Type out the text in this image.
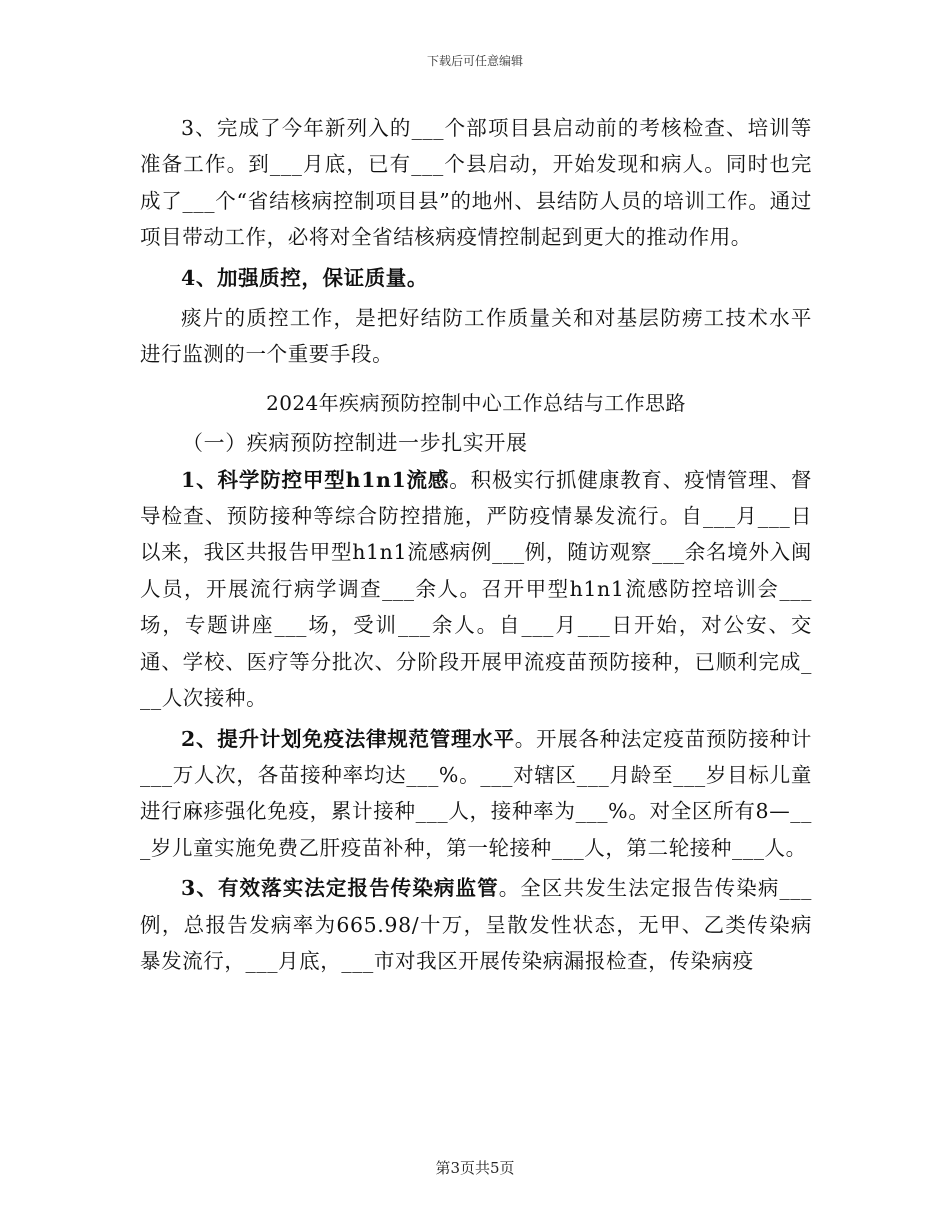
下载后可任意编辑

3、完成了今年新列入的___个部项目县启动前的考核检查、培训等准备工作。到___月底，已有___个县启动，开始发现和病人。同时也完成了___个“省结核病控制项目县”的地州、县结防人员的培训工作。通过项目带动工作，必将对全省结核病疫情控制起到更大的推动作用。

4、加强质控，保证质量。

痰片的质控工作，是把好结防工作质量关和对基层防痨工技术水平进行监测的一个重要手段。

2024年疾病预防控制中心工作总结与工作思路

（一）疾病预防控制进一步扎实开展

1、科学防控甲型h1n1流感。积极实行抓健康教育、疫情管理、督导检查、预防接种等综合防控措施，严防疫情暴发流行。自___月___日以来，我区共报告甲型h1n1流感病例___例，随访观察___余名境外入闽人员，开展流行病学调查___余人。召开甲型h1n1流感防控培训会___场，专题讲座___场，受训___余人。自___月___日开始，对公安、交通、学校、医疗等分批次、分阶段开展甲流疫苗预防接种，已顺利完成___人次接种。

2、提升计划免疫法律规范管理水平。开展各种法定疫苗预防接种计___万人次，各苗接种率均达___%。___对辖区___月龄至___岁目标儿童进行麻疹强化免疫，累计接种___人，接种率为___%。对全区所有8—___岁儿童实施免费乙肝疫苗补种，第一轮接种___人，第二轮接种___人。

3、有效落实法定报告传染病监管。全区共发生法定报告传染病___例，总报告发病率为665.98/十万，呈散发性状态，无甲、乙类传染病暴发流行，___月底，___市对我区开展传染病漏报检查，传染病疫

第3页共5页
